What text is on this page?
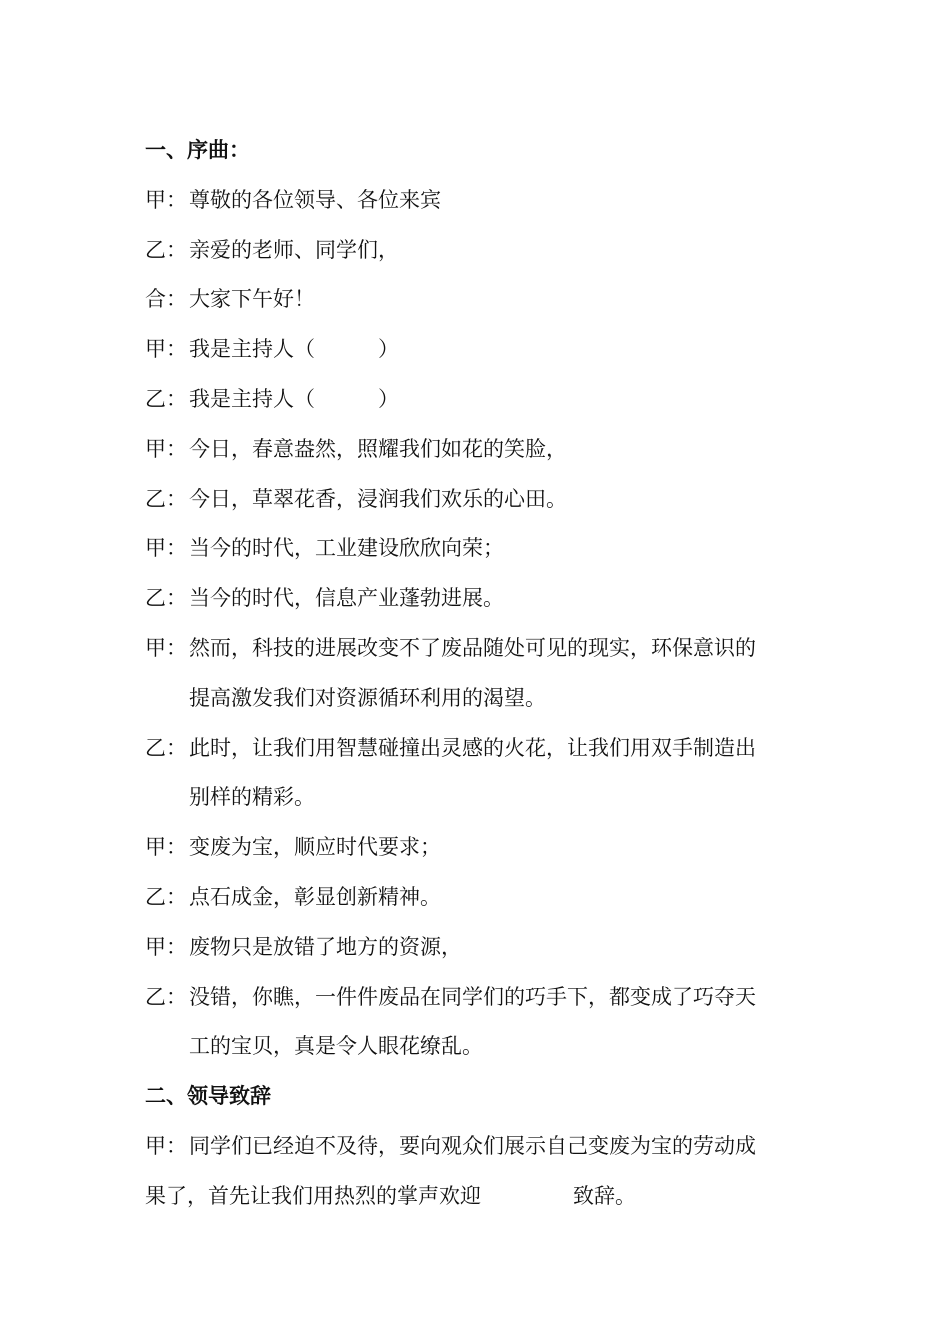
一、序曲：
甲：尊敬的各位领导、各位来宾
乙：亲爱的老师、同学们，
合：大家下午好！
甲：我是主持人（　　　）
乙：我是主持人（　　　）
甲：今日，春意盎然，照耀我们如花的笑脸，
乙：今日，草翠花香，浸润我们欢乐的心田。
甲：当今的时代，工业建设欣欣向荣；
乙：当今的时代，信息产业蓬勃进展。
甲：然而，科技的进展改变不了废品随处可见的现实，环保意识的
提高激发我们对资源循环利用的渴望。
乙：此时，让我们用智慧碰撞出灵感的火花，让我们用双手制造出
别样的精彩。
甲：变废为宝，顺应时代要求；
乙：点石成金，彰显创新精神。
甲：废物只是放错了地方的资源，
乙：没错，你瞧，一件件废品在同学们的巧手下，都变成了巧夺天
工的宝贝，真是令人眼花缭乱。
二、领导致辞
甲：同学们已经迫不及待，要向观众们展示自己变废为宝的劳动成
果了，首先让我们用热烈的掌声欢迎	致辞。
